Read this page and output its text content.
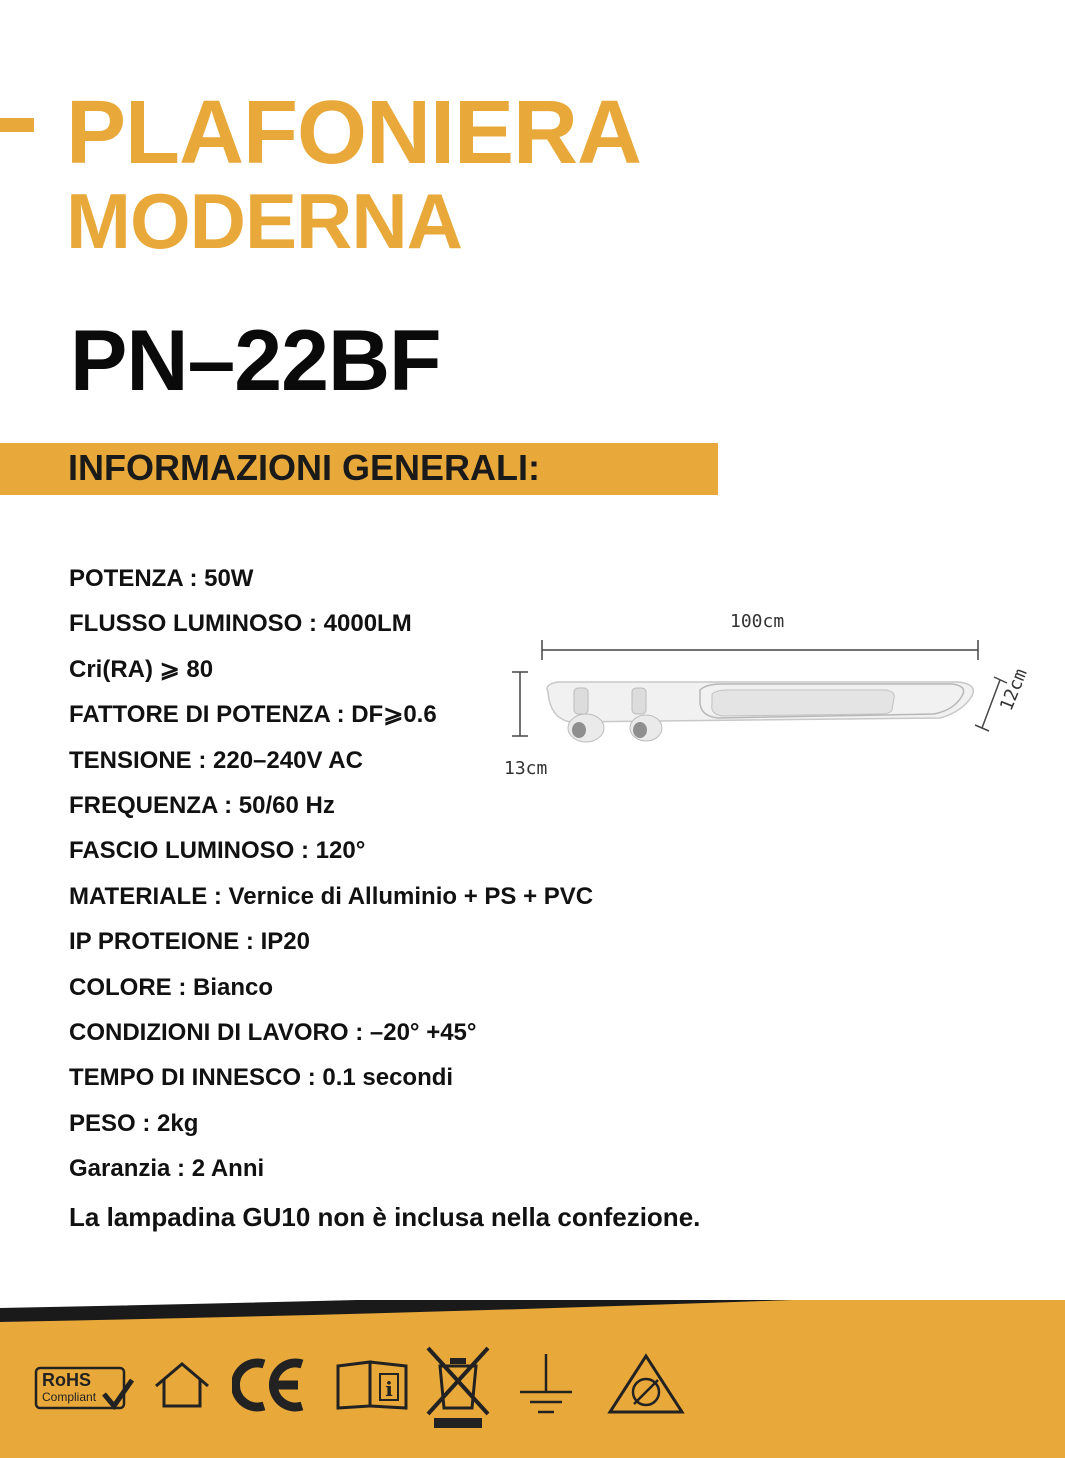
PLAFONIERA
MODERNA
PN–22BF
INFORMAZIONI GENERALI:
POTENZA : 50W
FLUSSO LUMINOSO : 4000LM
Cri(RA) ⩾ 80
FATTORE DI POTENZA : DF⩾0.6
TENSIONE : 220–240V AC
FREQUENZA : 50/60 Hz
FASCIO LUMINOSO : 120°
MATERIALE : Vernice di Alluminio + PS + PVC
IP PROTEIONE : IP20
COLORE : Bianco
CONDIZIONI DI LAVORO : –20° +45°
TEMPO DI INNESCO : 0.1 secondi
PESO : 2kg
Garanzia : 2 Anni
La lampadina GU10 non è inclusa nella confezione.
100cm
13cm
12cm
RoHS
Compliant	i
